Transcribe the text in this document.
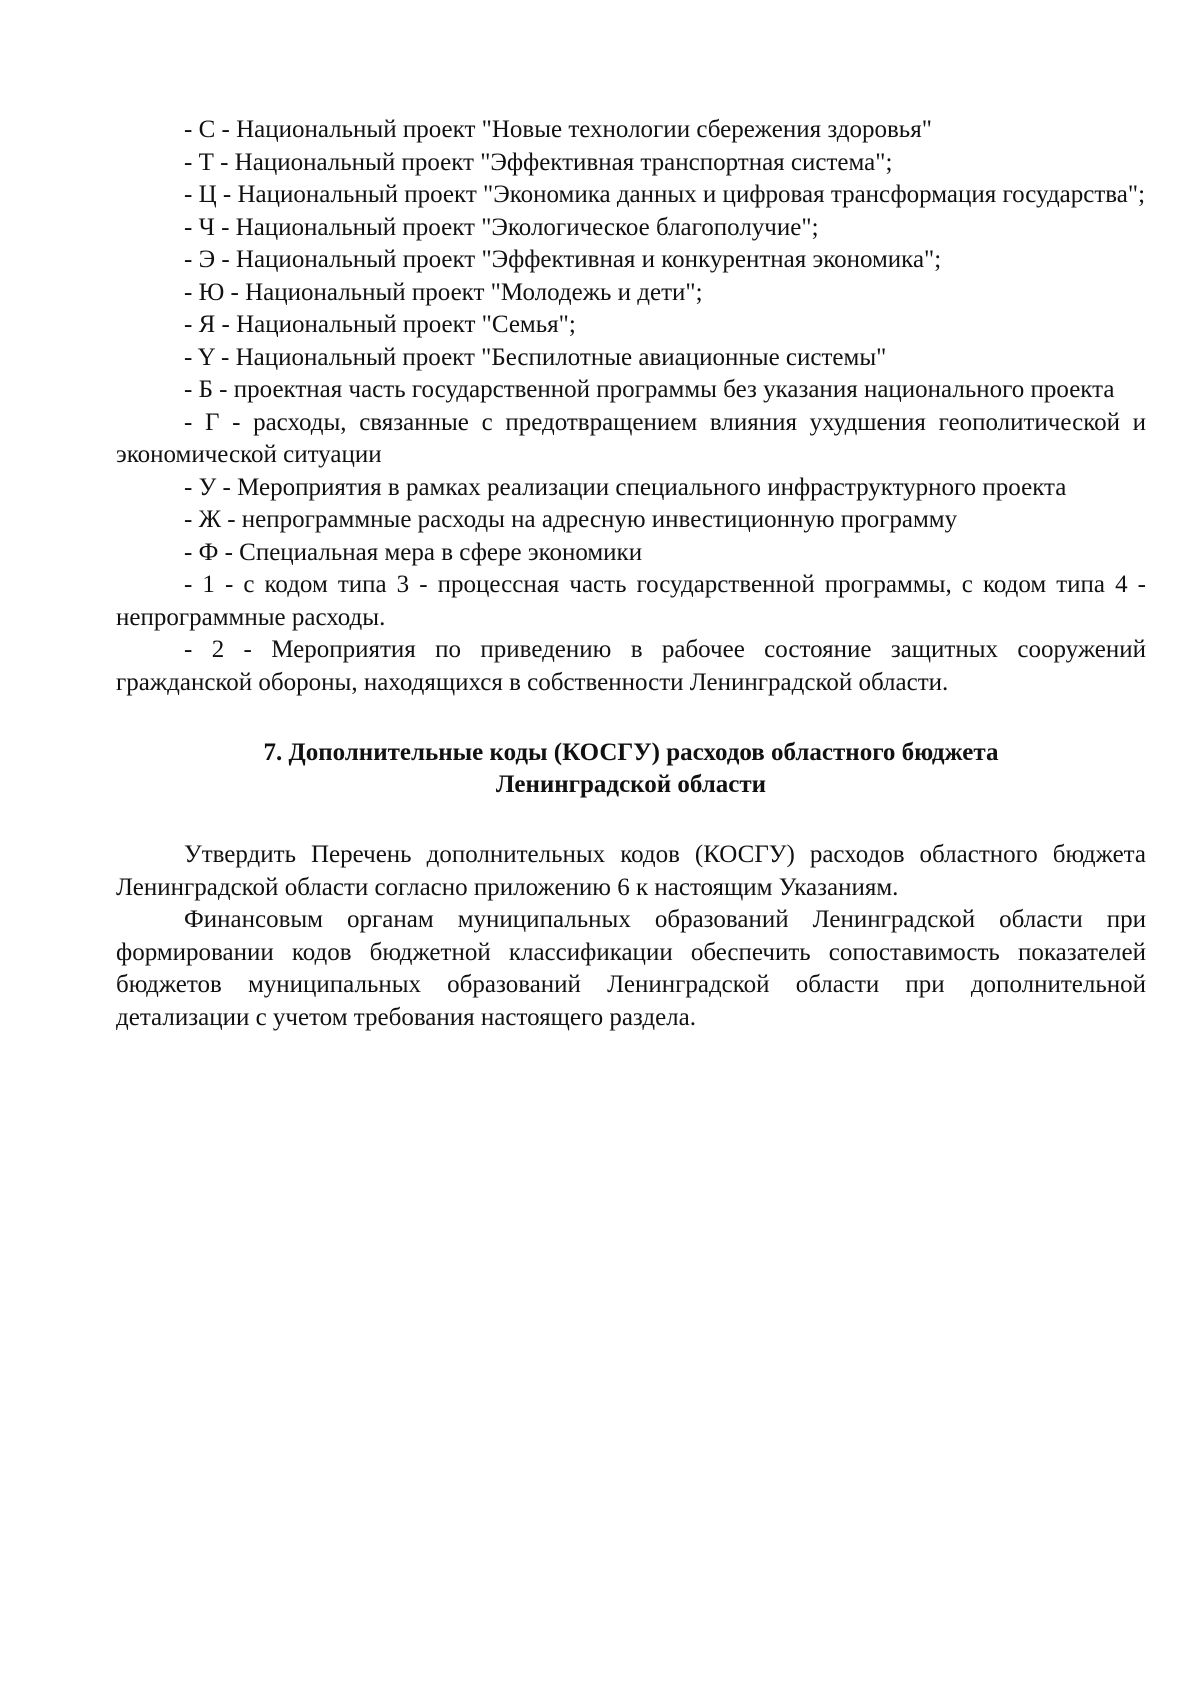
- С - Национальный проект "Новые технологии сбережения здоровья"

- Т - Национальный проект "Эффективная транспортная система";

- Ц - Национальный проект "Экономика данных и цифровая трансформация государства";

- Ч - Национальный проект "Экологическое благополучие";

- Э - Национальный проект "Эффективная и конкурентная экономика";

- Ю - Национальный проект "Молодежь и дети";

- Я - Национальный проект "Семья";

- Y - Национальный проект "Беспилотные авиационные системы"

- Б - проектная часть государственной программы без указания национального проекта

- Г - расходы, связанные с предотвращением влияния ухудшения геополитической и экономической ситуации

- У - Мероприятия в рамках реализации специального инфраструктурного проекта

- Ж - непрограммные расходы на адресную инвестиционную программу

- Ф - Специальная мера в сфере экономики

- 1 - с кодом типа 3 - процессная часть государственной программы, с кодом типа 4 - непрограммные расходы.

- 2 - Мероприятия по приведению в рабочее состояние защитных сооружений гражданской обороны, находящихся в собственности Ленинградской области.

7. Дополнительные коды (КОСГУ) расходов областного бюджета
Ленинградской области

Утвердить Перечень дополнительных кодов (КОСГУ) расходов областного бюджета Ленинградской области согласно приложению 6 к настоящим Указаниям.

Финансовым органам муниципальных образований Ленинградской области при формировании кодов бюджетной классификации обеспечить сопоставимость показателей бюджетов муниципальных образований Ленинградской области при дополнительной детализации с учетом требования настоящего раздела.
